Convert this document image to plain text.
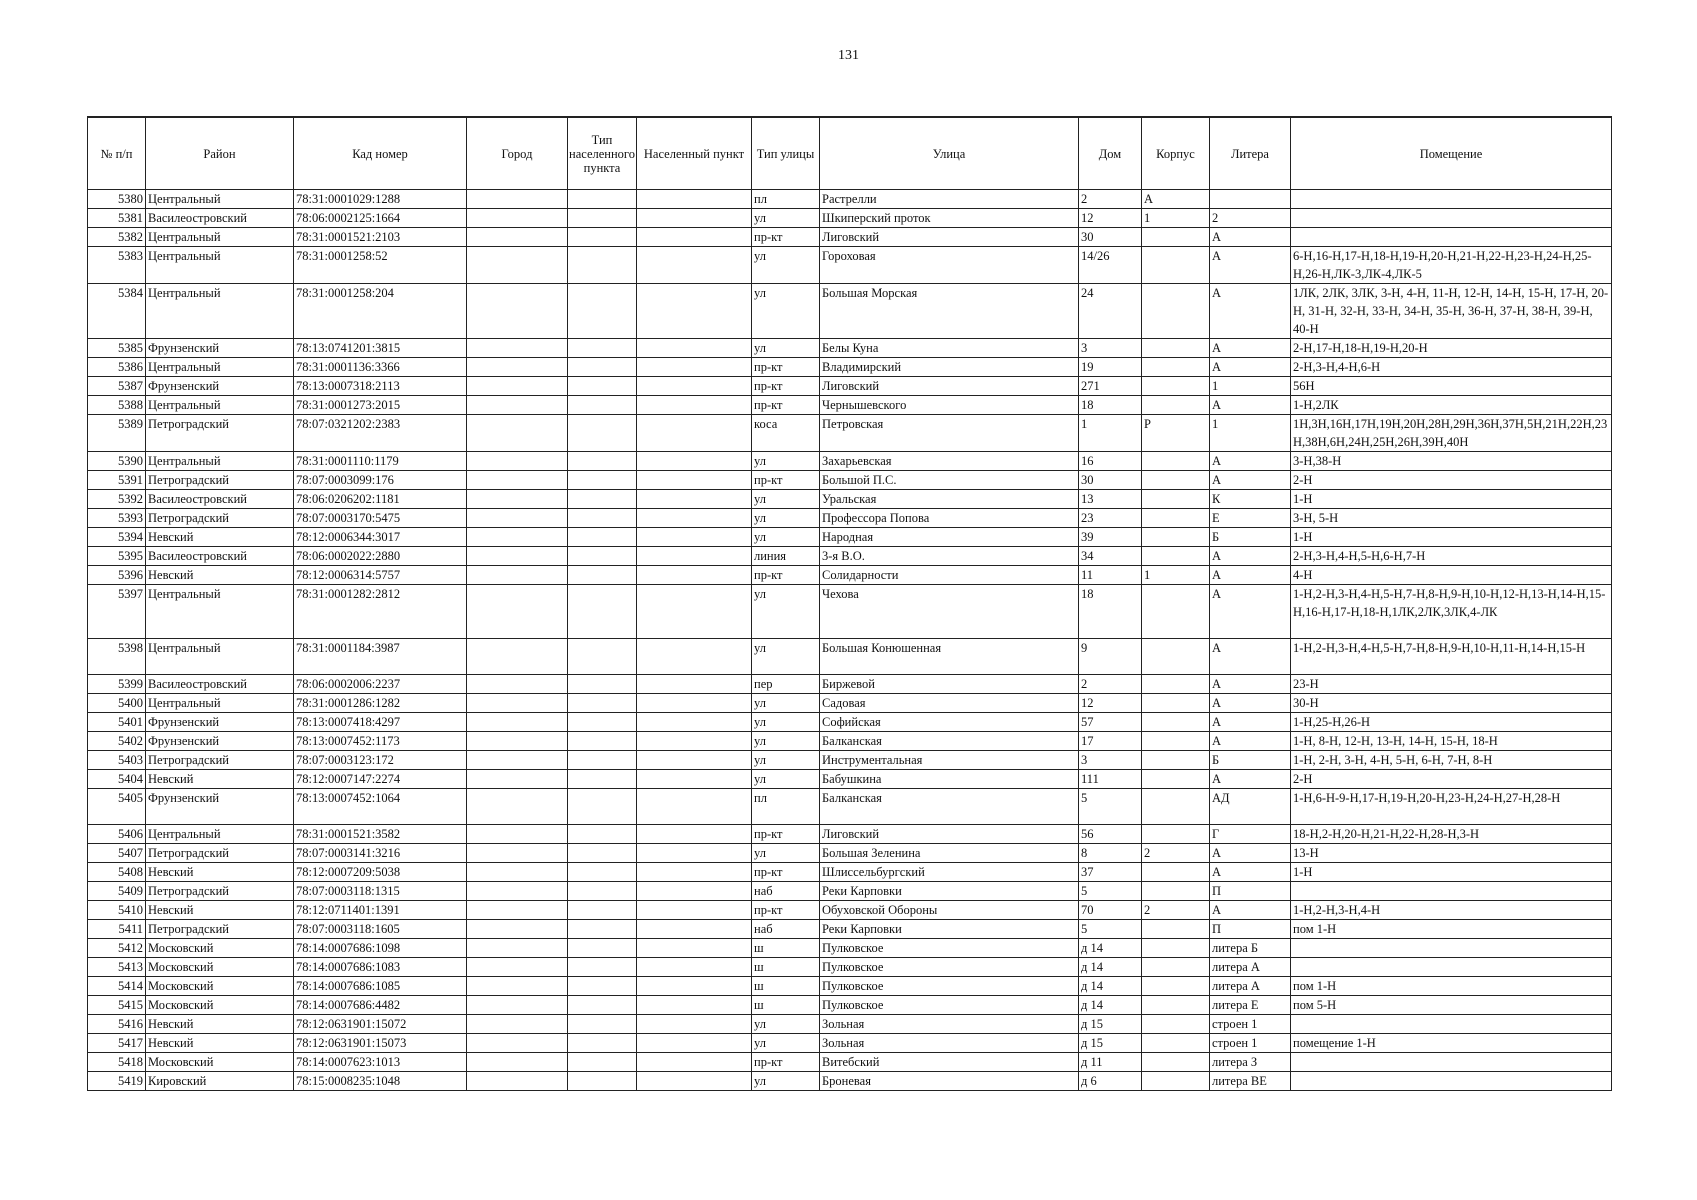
131
№ п/п	Район	Кад номер	Город	Тип населенного пункта	Населенный пункт	Тип улицы	Улица	Дом	Корпус	Литера	Помещение
5380	Центральный	78:31:0001029:1288				пл	Растрелли	2	А		
5381	Василеостровский	78:06:0002125:1664				ул	Шкиперский проток	12	1	2	
5382	Центральный	78:31:0001521:2103				пр-кт	Лиговский	30		А	
5383	Центральный	78:31:0001258:52				ул	Гороховая	14/26		А	6-Н,16-Н,17-Н,18-Н,19-Н,20-Н,21-Н,22-Н,23-Н,24-Н,25-Н,26-Н,ЛК-3,ЛК-4,ЛК-5
5384	Центральный	78:31:0001258:204				ул	Большая Морская	24		А	1ЛК, 2ЛК, 3ЛК, 3-Н, 4-Н, 11-Н, 12-Н, 14-Н, 15-Н, 17-Н, 20-Н, 31-Н, 32-Н, 33-Н, 34-Н, 35-Н, 36-Н, 37-Н, 38-Н, 39-Н, 40-Н
5385	Фрунзенский	78:13:0741201:3815				ул	Белы Куна	3		А	2-Н,17-Н,18-Н,19-Н,20-Н
5386	Центральный	78:31:0001136:3366				пр-кт	Владимирский	19		А	2-Н,3-Н,4-Н,6-Н
5387	Фрунзенский	78:13:0007318:2113				пр-кт	Лиговский	271		1	56Н
5388	Центральный	78:31:0001273:2015				пр-кт	Чернышевского	18		А	1-Н,2ЛК
5389	Петроградский	78:07:0321202:2383				коса	Петровская	1	Р	1	1Н,3Н,16Н,17Н,19Н,20Н,28Н,29Н,36Н,37Н,5Н,21Н,22Н,23Н,38Н,6Н,24Н,25Н,26Н,39Н,40Н
5390	Центральный	78:31:0001110:1179				ул	Захарьевская	16		А	3-Н,38-Н
5391	Петроградский	78:07:0003099:176				пр-кт	Большой П.С.	30		А	2-Н
5392	Василеостровский	78:06:0206202:1181				ул	Уральская	13		К	1-Н
5393	Петроградский	78:07:0003170:5475				ул	Профессора Попова	23		Е	3-Н, 5-Н
5394	Невский	78:12:0006344:3017				ул	Народная	39		Б	1-Н
5395	Василеостровский	78:06:0002022:2880				линия	3-я В.О.	34		А	2-Н,3-Н,4-Н,5-Н,6-Н,7-Н
5396	Невский	78:12:0006314:5757				пр-кт	Солидарности	11	1	А	4-Н
5397	Центральный	78:31:0001282:2812				ул	Чехова	18		А	1-Н,2-Н,3-Н,4-Н,5-Н,7-Н,8-Н,9-Н,10-Н,12-Н,13-Н,14-Н,15-Н,16-Н,17-Н,18-Н,1ЛК,2ЛК,3ЛК,4-ЛК
5398	Центральный	78:31:0001184:3987				ул	Большая Конюшенная	9		А	1-Н,2-Н,3-Н,4-Н,5-Н,7-Н,8-Н,9-Н,10-Н,11-Н,14-Н,15-Н
5399	Василеостровский	78:06:0002006:2237				пер	Биржевой	2		А	23-Н
5400	Центральный	78:31:0001286:1282				ул	Садовая	12		А	30-Н
5401	Фрунзенский	78:13:0007418:4297				ул	Софийская	57		А	1-Н,25-Н,26-Н
5402	Фрунзенский	78:13:0007452:1173				ул	Балканская	17		А	1-Н, 8-Н, 12-Н, 13-Н, 14-Н, 15-Н, 18-Н
5403	Петроградский	78:07:0003123:172				ул	Инструментальная	3		Б	1-Н, 2-Н, 3-Н, 4-Н, 5-Н, 6-Н, 7-Н, 8-Н
5404	Невский	78:12:0007147:2274				ул	Бабушкина	111		А	2-Н
5405	Фрунзенский	78:13:0007452:1064				пл	Балканская	5		АД	1-Н,6-Н-9-Н,17-Н,19-Н,20-Н,23-Н,24-Н,27-Н,28-Н
5406	Центральный	78:31:0001521:3582				пр-кт	Лиговский	56		Г	18-Н,2-Н,20-Н,21-Н,22-Н,28-Н,3-Н
5407	Петроградский	78:07:0003141:3216				ул	Большая Зеленина	8	2	А	13-Н
5408	Невский	78:12:0007209:5038				пр-кт	Шлиссельбургский	37		А	1-Н
5409	Петроградский	78:07:0003118:1315				наб	Реки Карповки	5		П	
5410	Невский	78:12:0711401:1391				пр-кт	Обуховской Обороны	70	2	А	1-Н,2-Н,3-Н,4-Н
5411	Петроградский	78:07:0003118:1605				наб	Реки Карповки	5		П	пом 1-Н
5412	Московский	78:14:0007686:1098				ш	Пулковское	д 14		литера Б	
5413	Московский	78:14:0007686:1083				ш	Пулковское	д 14		литера А	
5414	Московский	78:14:0007686:1085				ш	Пулковское	д 14		литера А	пом 1-Н
5415	Московский	78:14:0007686:4482				ш	Пулковское	д 14		литера Е	пом 5-Н
5416	Невский	78:12:0631901:15072				ул	Зольная	д 15		строен 1	
5417	Невский	78:12:0631901:15073				ул	Зольная	д 15		строен 1	помещение 1-Н
5418	Московский	78:14:0007623:1013				пр-кт	Витебский	д 11		литера З	
5419	Кировский	78:15:0008235:1048				ул	Броневая	д 6		литера ВЕ	
